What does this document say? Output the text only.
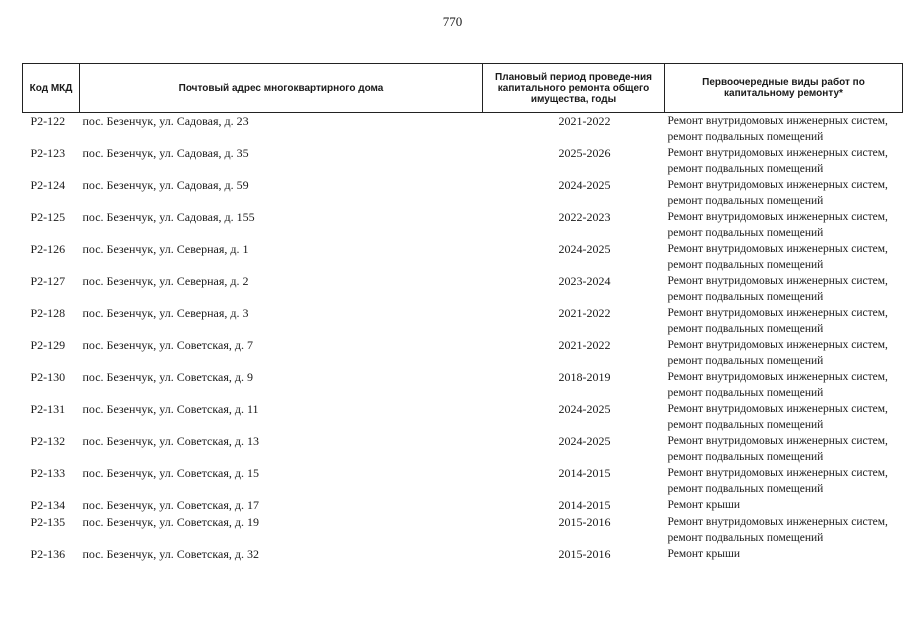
770
Код МКД	Почтовый адрес многоквартирного дома	Плановый период проведе-ния капитального ремонта общего имущества, годы	Первоочередные виды работ по капитальному ремонту*
Р2-122	пос. Безенчук, ул. Садовая, д. 23	2021-2022	Ремонт внутридомовых инженерных систем,
ремонт подвальных помещений

Р2-123	пос. Безенчук, ул. Садовая, д. 35	2025-2026	Ремонт внутридомовых инженерных систем,
ремонт подвальных помещений

Р2-124	пос. Безенчук, ул. Садовая, д. 59	2024-2025	Ремонт внутридомовых инженерных систем,
ремонт подвальных помещений

Р2-125	пос. Безенчук, ул. Садовая, д. 155	2022-2023	Ремонт внутридомовых инженерных систем,
ремонт подвальных помещений

Р2-126	пос. Безенчук, ул. Северная, д. 1	2024-2025	Ремонт внутридомовых инженерных систем,
ремонт подвальных помещений

Р2-127	пос. Безенчук, ул. Северная, д. 2	2023-2024	Ремонт внутридомовых инженерных систем,
ремонт подвальных помещений

Р2-128	пос. Безенчук, ул. Северная, д. 3	2021-2022	Ремонт внутридомовых инженерных систем,
ремонт подвальных помещений

Р2-129	пос. Безенчук, ул. Советская, д. 7	2021-2022	Ремонт внутридомовых инженерных систем,
ремонт подвальных помещений

Р2-130	пос. Безенчук, ул. Советская, д. 9	2018-2019	Ремонт внутридомовых инженерных систем,
ремонт подвальных помещений

Р2-131	пос. Безенчук, ул. Советская, д. 11	2024-2025	Ремонт внутридомовых инженерных систем,
ремонт подвальных помещений

Р2-132	пос. Безенчук, ул. Советская, д. 13	2024-2025	Ремонт внутридомовых инженерных систем,
ремонт подвальных помещений

Р2-133	пос. Безенчук, ул. Советская, д. 15	2014-2015	Ремонт внутридомовых инженерных систем,
ремонт подвальных помещений

Р2-134	пос. Безенчук, ул. Советская, д. 17	2014-2015	Ремонт крыши

Р2-135	пос. Безенчук, ул. Советская, д. 19	2015-2016	Ремонт внутридомовых инженерных систем,
ремонт подвальных помещений

Р2-136	пос. Безенчук, ул. Советская, д. 32	2015-2016	Ремонт крыши
